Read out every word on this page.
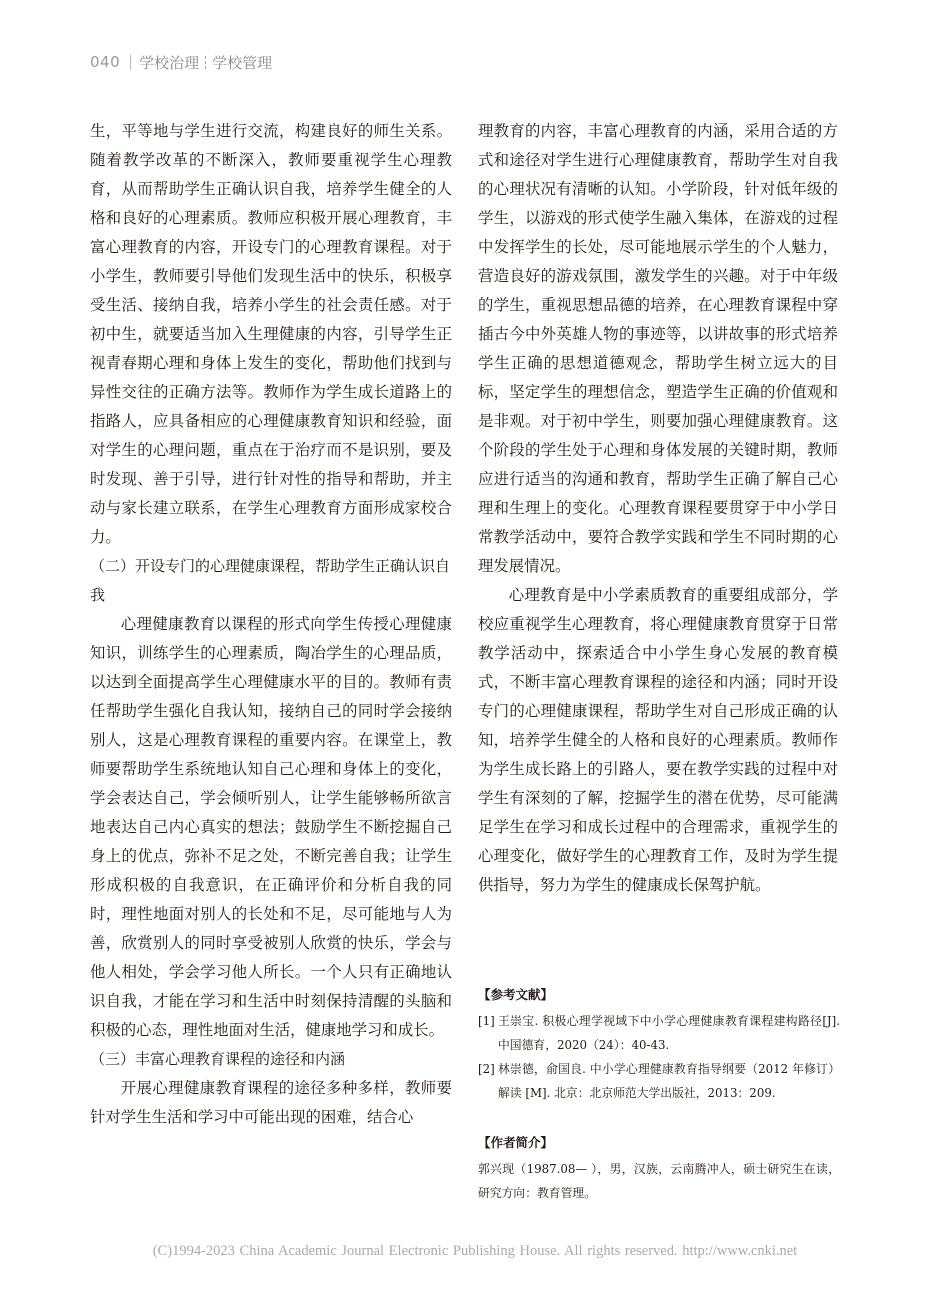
040 学校治理 学校管理

生，平等地与学生进行交流，构建良好的师生关系。随着教学改革的不断深入，教师要重视学生心理教育，从而帮助学生正确认识自我，培养学生健全的人格和良好的心理素质。教师应积极开展心理教育，丰富心理教育的内容，开设专门的心理教育课程。对于小学生，教师要引导他们发现生活中的快乐，积极享受生活、接纳自我，培养小学生的社会责任感。对于初中生，就要适当加入生理健康的内容，引导学生正视青春期心理和身体上发生的变化，帮助他们找到与异性交往的正确方法等。教师作为学生成长道路上的指路人，应具备相应的心理健康教育知识和经验，面对学生的心理问题，重点在于治疗而不是识别，要及时发现、善于引导，进行针对性的指导和帮助，并主动与家长建立联系，在学生心理教育方面形成家校合力。

（二）开设专门的心理健康课程，帮助学生正确认识自我

心理健康教育以课程的形式向学生传授心理健康知识，训练学生的心理素质，陶冶学生的心理品质，以达到全面提高学生心理健康水平的目的。教师有责任帮助学生强化自我认知，接纳自己的同时学会接纳别人，这是心理教育课程的重要内容。在课堂上，教师要帮助学生系统地认知自己心理和身体上的变化，学会表达自己，学会倾听别人，让学生能够畅所欲言地表达自己内心真实的想法；鼓励学生不断挖掘自己身上的优点，弥补不足之处，不断完善自我；让学生形成积极的自我意识，在正确评价和分析自我的同时，理性地面对别人的长处和不足，尽可能地与人为善，欣赏别人的同时享受被别人欣赏的快乐，学会与他人相处，学会学习他人所长。一个人只有正确地认识自我，才能在学习和生活中时刻保持清醒的头脑和积极的心态，理性地面对生活，健康地学习和成长。

（三）丰富心理教育课程的途径和内涵

开展心理健康教育课程的途径多种多样，教师要针对学生生活和学习中可能出现的困难，结合心

理教育的内容，丰富心理教育的内涵，采用合适的方式和途径对学生进行心理健康教育，帮助学生对自我的心理状况有清晰的认知。小学阶段，针对低年级的学生，以游戏的形式使学生融入集体，在游戏的过程中发挥学生的长处，尽可能地展示学生的个人魅力，营造良好的游戏氛围，激发学生的兴趣。对于中年级的学生，重视思想品德的培养，在心理教育课程中穿插古今中外英雄人物的事迹等，以讲故事的形式培养学生正确的思想道德观念，帮助学生树立远大的目标，坚定学生的理想信念，塑造学生正确的价值观和是非观。对于初中学生，则要加强心理健康教育。这个阶段的学生处于心理和身体发展的关键时期，教师应进行适当的沟通和教育，帮助学生正确了解自己心理和生理上的变化。心理教育课程要贯穿于中小学日常教学活动中，要符合教学实践和学生不同时期的心理发展情况。

心理教育是中小学素质教育的重要组成部分，学校应重视学生心理教育，将心理健康教育贯穿于日常教学活动中，探索适合中小学生身心发展的教育模式，不断丰富心理教育课程的途径和内涵；同时开设专门的心理健康课程，帮助学生对自己形成正确的认知，培养学生健全的人格和良好的心理素质。教师作为学生成长路上的引路人，要在教学实践的过程中对学生有深刻的了解，挖掘学生的潜在优势，尽可能满足学生在学习和成长过程中的合理需求，重视学生的心理变化，做好学生的心理教育工作，及时为学生提供指导，努力为学生的健康成长保驾护航。

【参考文献】

[1] 王崇宝. 积极心理学视域下中小学心理健康教育课程建构路径[J]. 中国德育，2020（24）：40-43.

[2] 林崇德，俞国良. 中小学心理健康教育指导纲要（2012 年修订）解读 [M]. 北京：北京师范大学出版社，2013：209.

【作者简介】

郭兴现（1987.08— ），男，汉族，云南腾冲人，硕士研究生在读，研究方向：教育管理。

(C)1994-2023 China Academic Journal Electronic Publishing House. All rights reserved. http://www.cnki.net
